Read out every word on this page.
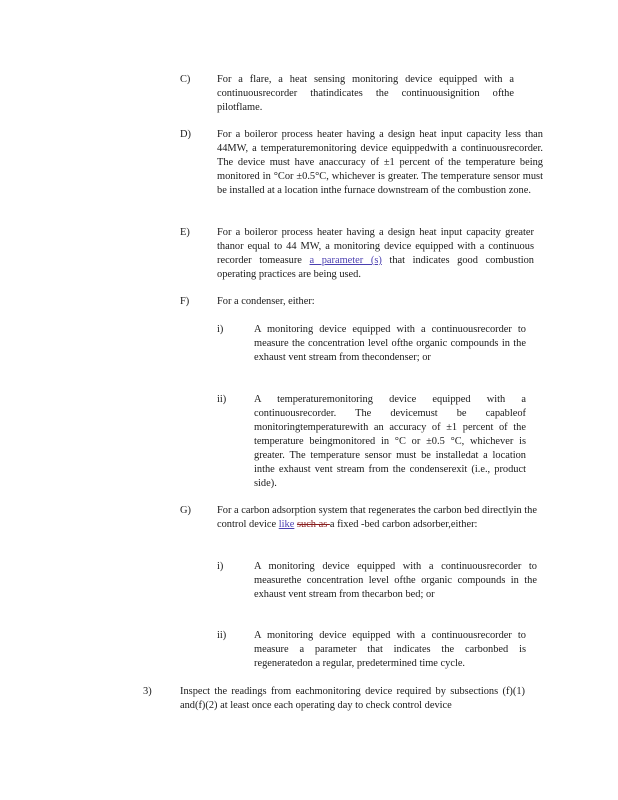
C)	For a flare, a heat sensing monitoring device equipped with a continuousrecorder thatindicates the continuousignition ofthe pilotflame.
D)	For a boileror process heater having a design heat input capacity less than 44MW, a temperaturemonitoring device equippedwith a continuousrecorder. The device must have anaccuracy of ±1 percent of the temperature being monitored in °Cor ±0.5°C, whichever is greater. The temperature sensor must be installed at a location inthe furnace downstream of the combustion zone.
E)	For a boileror process heater having a design heat input capacity greater thanor equal to 44 MW, a monitoring device equipped with a continuous recorder tomeasure a parameter (s) that indicates good combustion operating practices are being used.
F)	For a condenser, either:
i)	A monitoring device equipped with a continuousrecorder to measure the concentration level ofthe organic compounds in the exhaust vent stream from thecondenser; or
ii)	A temperaturemonitoring device equipped with a continuousrecorder. The devicemust be capableof monitoringtemperaturewith an accuracy of ±1 percent of the temperature beingmonitored in °C or ±0.5 °C, whichever is greater. The temperature sensor must be installedat a location inthe exhaust vent stream from the condenserexit (i.e., product side).
G)	For a carbon adsorption system that regenerates the carbon bed directlyin the control device like such as a fixed -bed carbon adsorber,either:
i)	A monitoring device equipped with a continuousrecorder to measurethe concentration level ofthe organic compounds in the exhaust vent stream from thecarbon bed; or
ii)	A monitoring device equipped with a continuousrecorder to measure a parameter that indicates the carbonbed is regeneratedon a regular, predetermined time cycle.
3)	Inspect the readings from eachmonitoring device required by subsections (f)(1) and(f)(2) at least once each operating day to check control device
